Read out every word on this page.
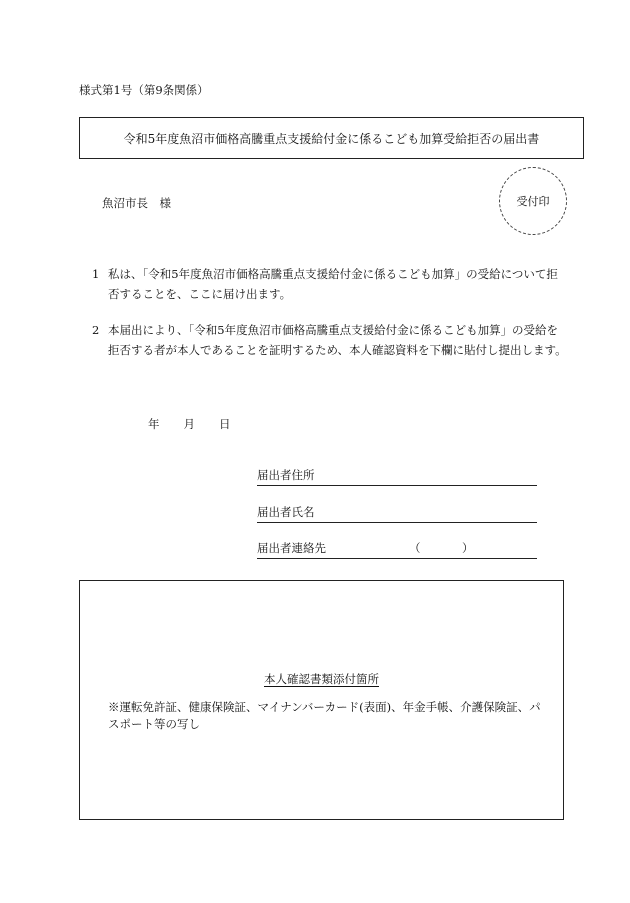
様式第1号（第9条関係）
令和5年度魚沼市価格高騰重点支援給付金に係るこども加算受給拒否の届出書
魚沼市長　様	受付印
1 私は、「令和5年度魚沼市価格高騰重点支援給付金に係るこども加算」の受給について拒否することを、ここに届け出ます。
2 本届出により、「令和5年度魚沼市価格高騰重点支援給付金に係るこども加算」の受給を拒否する者が本人であることを証明するため、本人確認資料を下欄に貼付し提出します。
年 月 日
届出者住所
届出者氏名
届出者連絡先	（	）
本人確認書類添付箇所
※運転免許証、健康保険証、マイナンバーカード(表面)、年金手帳、介護保険証、パスポート等の写し
